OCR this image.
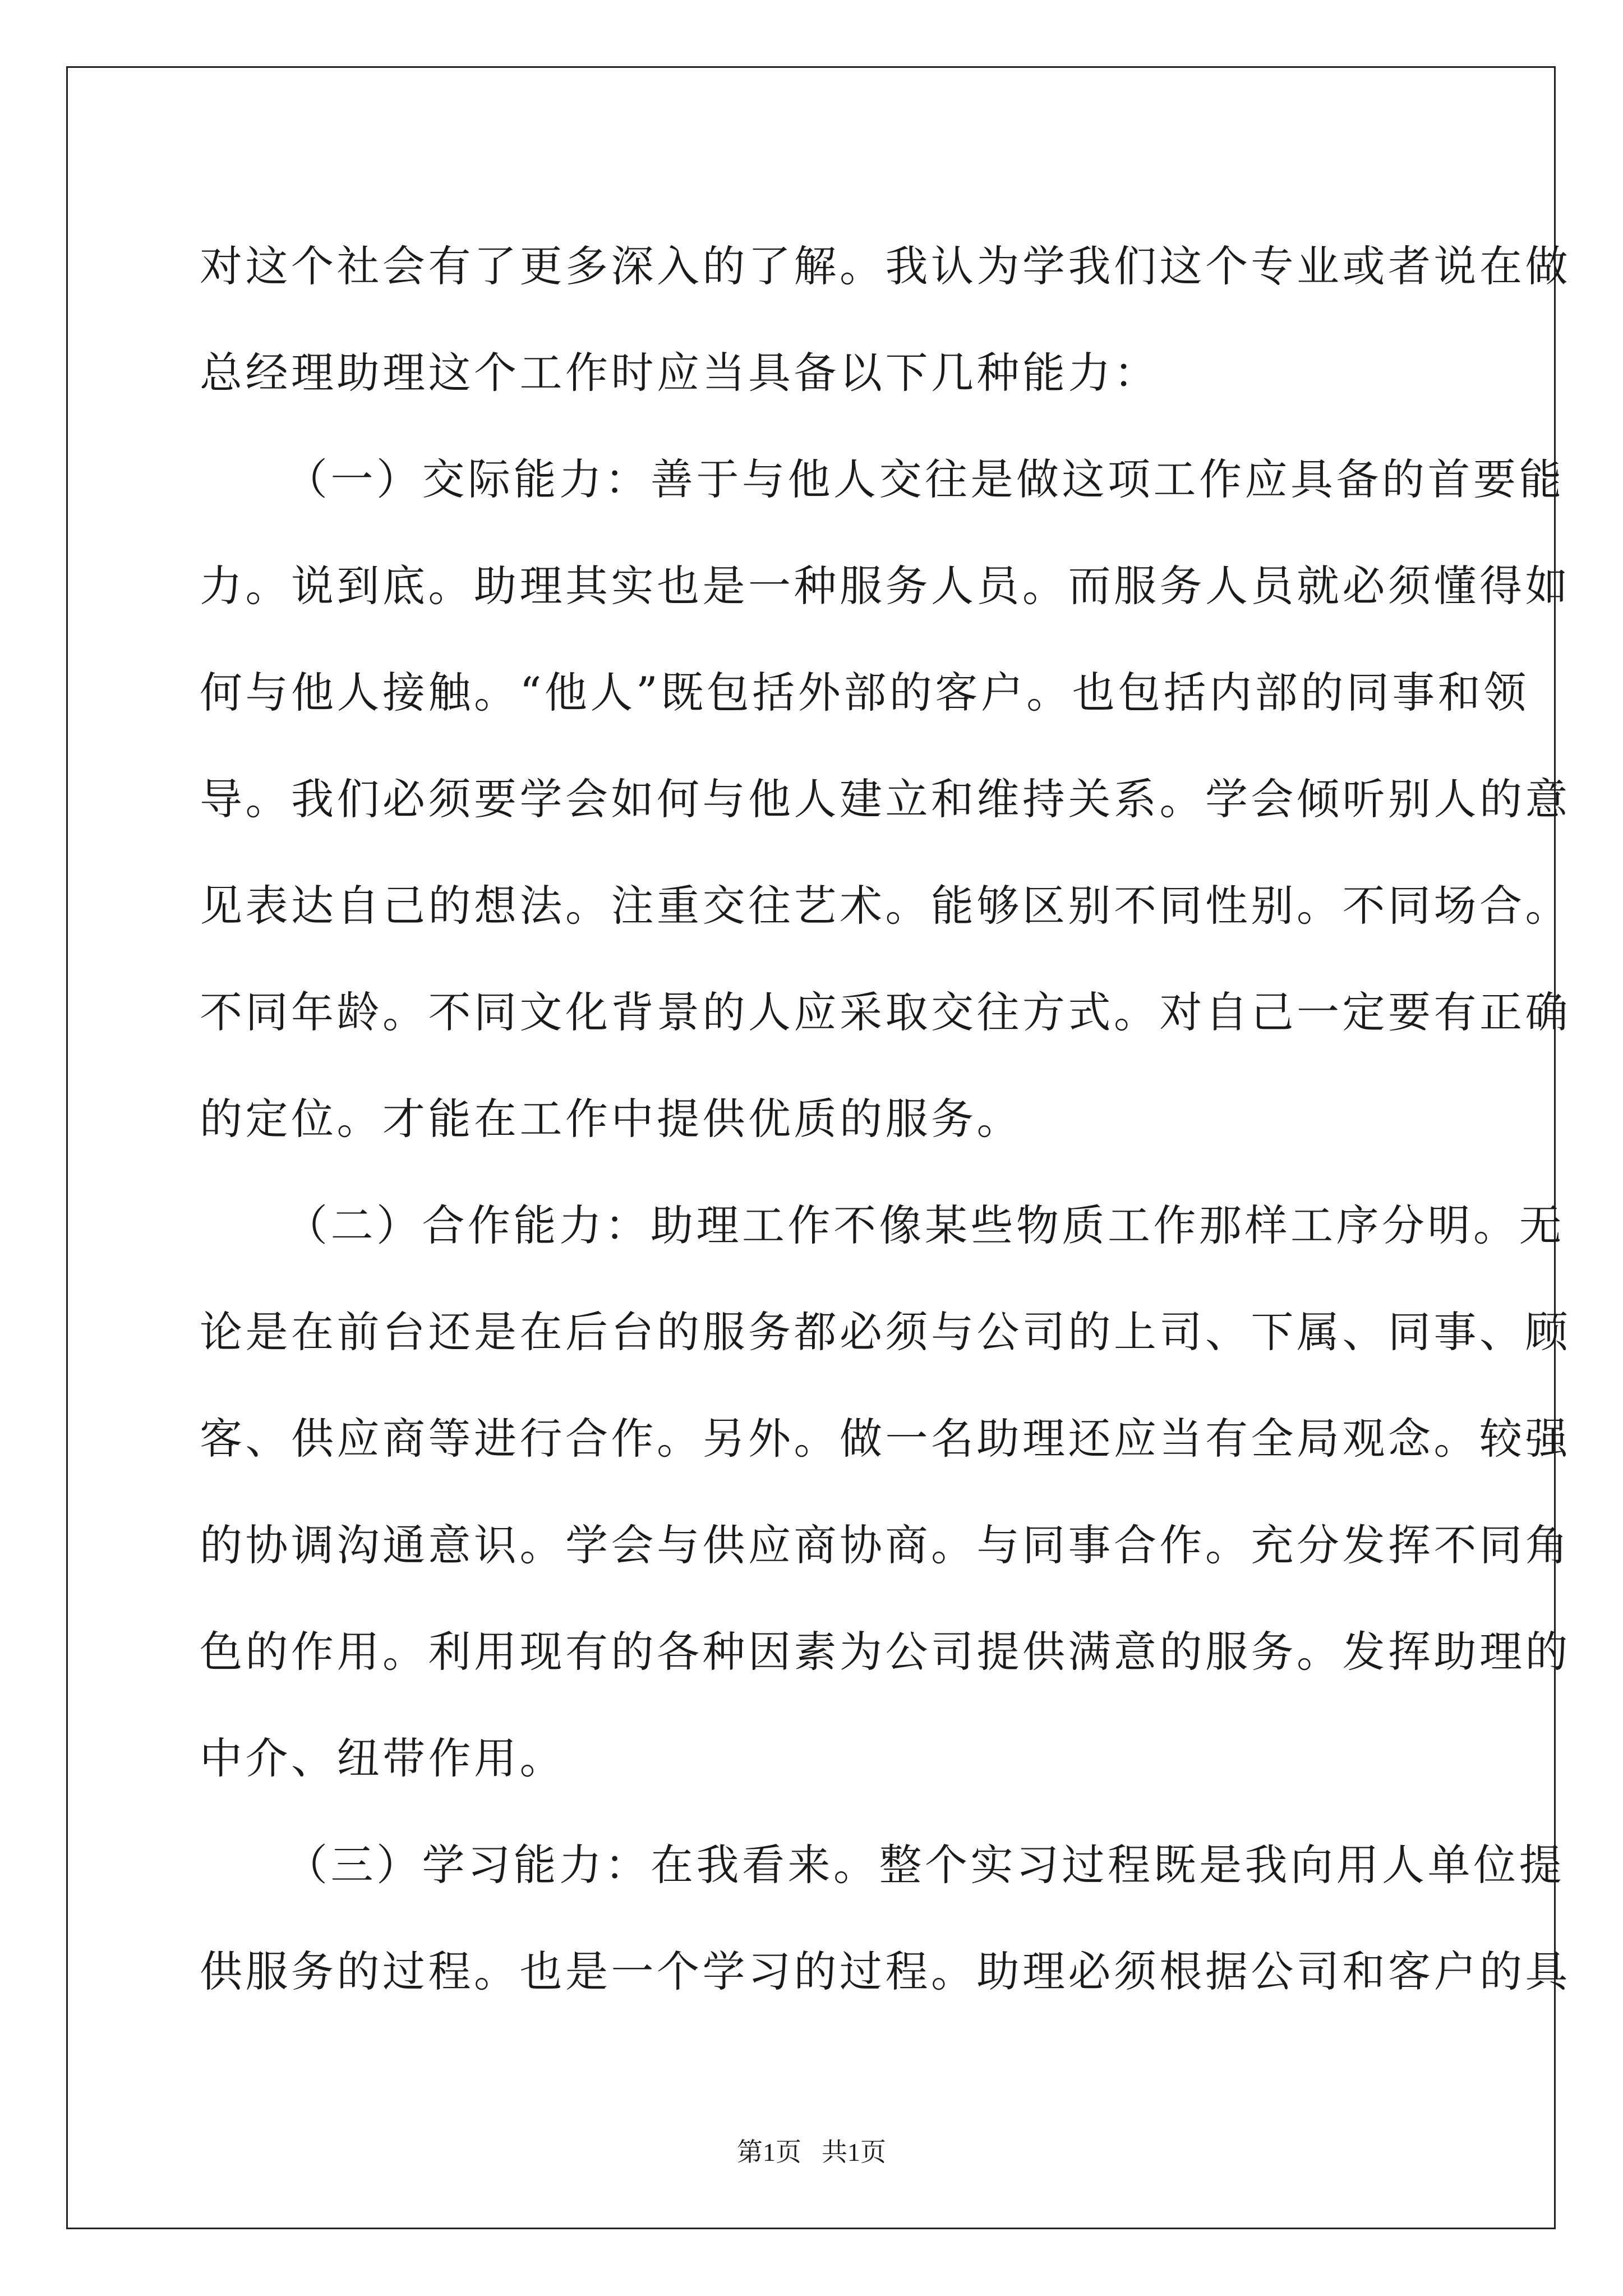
对这个社会有了更多深入的了解。我认为学我们这个专业或者说在做
总经理助理这个工作时应当具备以下几种能力：
（一）交际能力：善于与他人交往是做这项工作应具备的首要能
力。说到底。助理其实也是一种服务人员。而服务人员就必须懂得如
何与他人接触。“他人”既包括外部的客户。也包括内部的同事和领
导。我们必须要学会如何与他人建立和维持关系。学会倾听别人的意
见表达自己的想法。注重交往艺术。能够区别不同性别。不同场合。
不同年龄。不同文化背景的人应采取交往方式。对自己一定要有正确
的定位。才能在工作中提供优质的服务。
（二）合作能力：助理工作不像某些物质工作那样工序分明。无
论是在前台还是在后台的服务都必须与公司的上司、下属、同事、顾
客、供应商等进行合作。另外。做一名助理还应当有全局观念。较强
的协调沟通意识。学会与供应商协商。与同事合作。充分发挥不同角
色的作用。利用现有的各种因素为公司提供满意的服务。发挥助理的
中介、纽带作用。
（三）学习能力：在我看来。整个实习过程既是我向用人单位提
供服务的过程。也是一个学习的过程。助理必须根据公司和客户的具
第1页 共1页
